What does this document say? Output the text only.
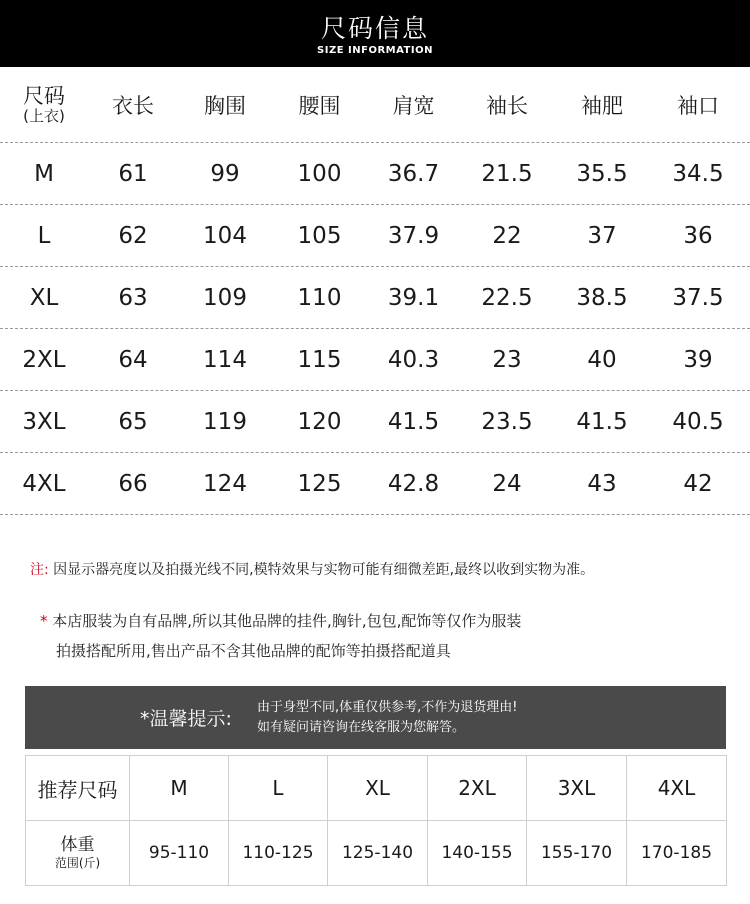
尺码信息
SIZE INFORMATION
尺码
(上衣)	衣长	胸围	腰围	肩宽	袖长	袖肥	袖口
M	61	99	100	36.7	21.5	35.5	34.5
L	62	104	105	37.9	22	37	36
XL	63	109	110	39.1	22.5	38.5	37.5
2XL	64	114	115	40.3	23	40	39
3XL	65	119	120	41.5	23.5	41.5	40.5
4XL	66	124	125	42.8	24	43	42
注: 因显示器亮度以及拍摄光线不同,模特效果与实物可能有细微差距,最终以收到实物为准。
* 本店服装为自有品牌,所以其他品牌的挂件,胸针,包包,配饰等仅作为服装
拍摄搭配所用,售出产品不含其他品牌的配饰等拍摄搭配道具
*温馨提示:
由于身型不同,体重仅供参考,不作为退货理由!
如有疑问请咨询在线客服为您解答。
推荐尺码	M	L	XL	2XL	3XL	4XL

体重
范围(斤)	95-110	110-125	125-140	140-155	155-170	170-185
